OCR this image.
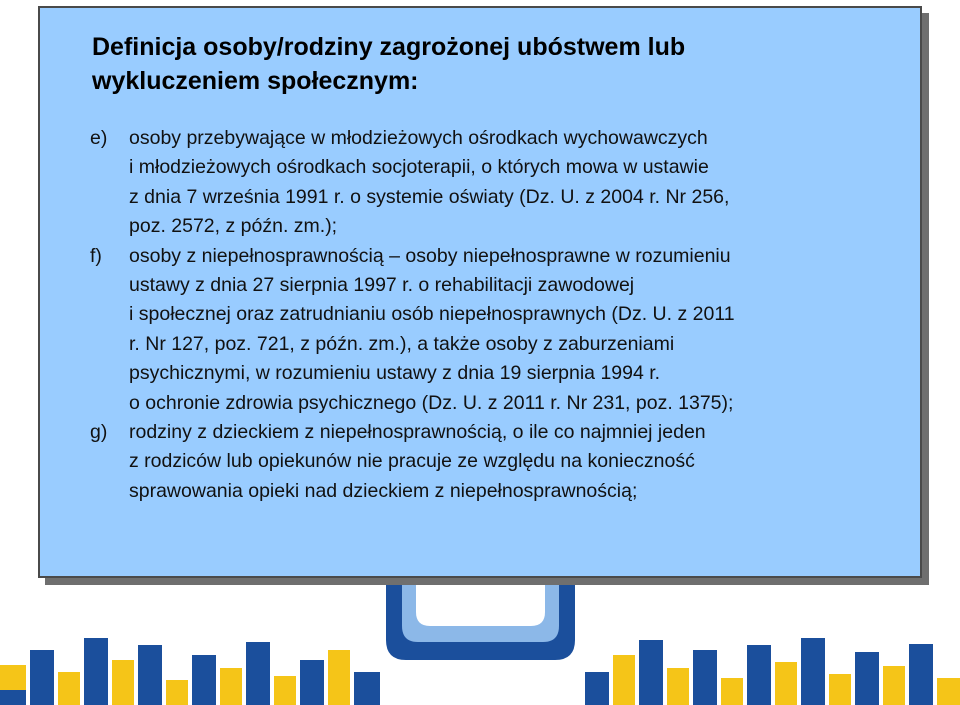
Definicja osoby/rodziny zagrożonej ubóstwem lub
wykluczeniem społecznym:
e)	osoby przebywające w młodzieżowych ośrodkach wychowawczych
i młodzieżowych ośrodkach socjoterapii, o których mowa w ustawie
z dnia 7 września 1991 r. o systemie oświaty (Dz. U. z 2004 r. Nr 256,
poz. 2572, z późn. zm.);
f)	osoby z niepełnosprawnością – osoby niepełnosprawne w rozumieniu
ustawy z dnia 27 sierpnia 1997 r. o rehabilitacji zawodowej
i społecznej oraz zatrudnianiu osób niepełnosprawnych (Dz. U. z 2011
r. Nr 127, poz. 721, z późn. zm.), a także osoby z zaburzeniami
psychicznymi, w rozumieniu ustawy z dnia 19 sierpnia 1994 r.
o ochronie zdrowia psychicznego (Dz. U. z 2011 r. Nr 231, poz. 1375);
g)	rodziny z dzieckiem z niepełnosprawnością, o ile co najmniej jeden
z rodziców lub opiekunów nie pracuje ze względu na konieczność
sprawowania opieki nad dzieckiem z niepełnosprawnością;
